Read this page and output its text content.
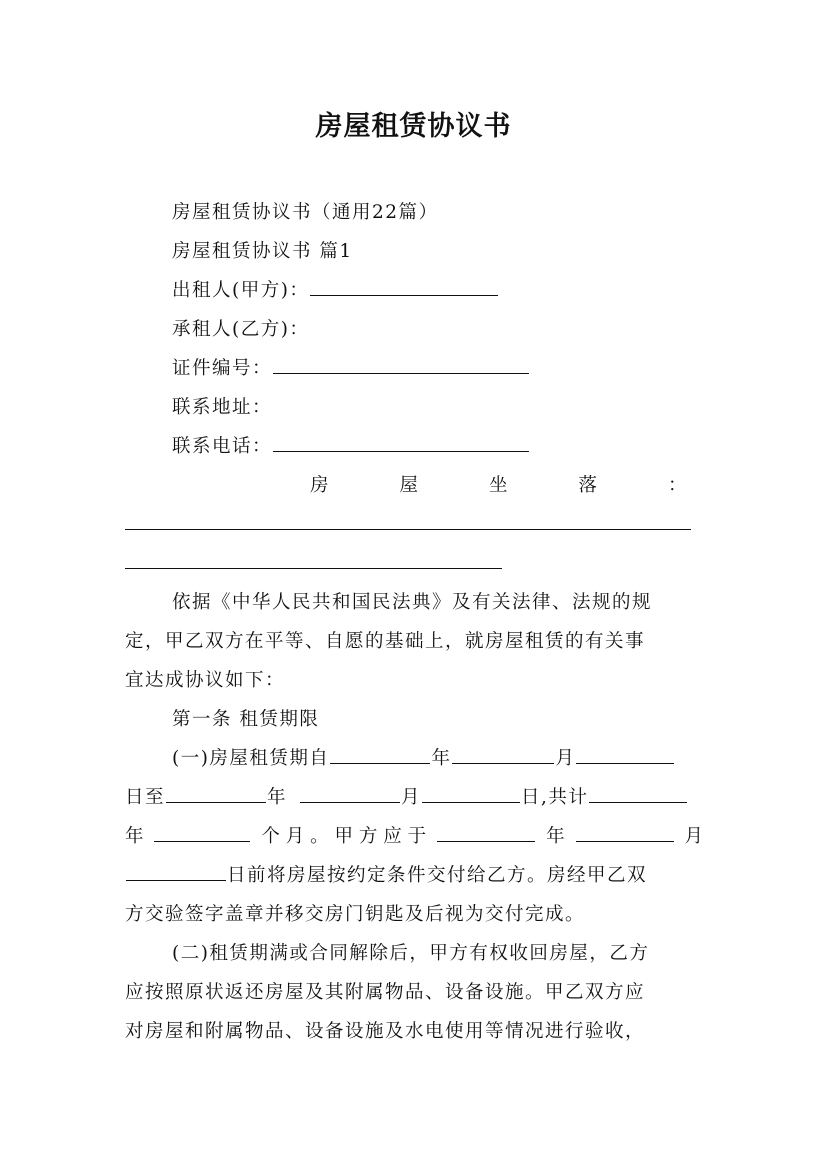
房屋租赁协议书
房屋租赁协议书（通用22篇）
房屋租赁协议书 篇1
出租人(甲方)：
承租人(乙方)：
证件编号：
联系地址：
联系电话：
房	屋	坐	落	：
依据《中华人民共和国民法典》及有关法律、法规的规
定，甲乙双方在平等、自愿的基础上，就房屋租赁的有关事
宜达成协议如下：
第一条 租赁期限
(一)房屋租赁期自	年	月
日至	年	月	日,共计
年	个 月 。 甲 方 应 于	年	月
日前将房屋按约定条件交付给乙方。房经甲乙双
方交验签字盖章并移交房门钥匙及后视为交付完成。
(二)租赁期满或合同解除后，甲方有权收回房屋，乙方
应按照原状返还房屋及其附属物品、设备设施。甲乙双方应
对房屋和附属物品、设备设施及水电使用等情况进行验收，
